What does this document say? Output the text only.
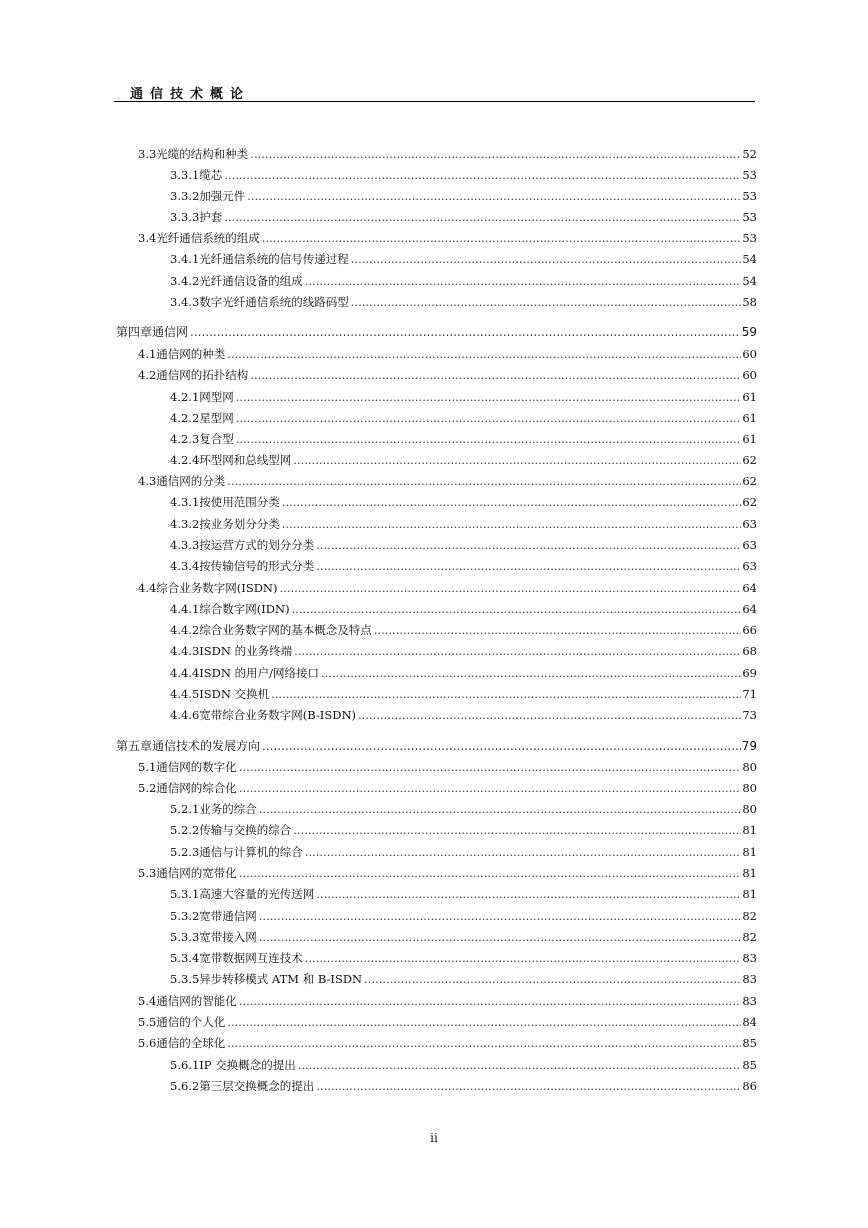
通信技术概论
3.3 光缆的结构和种类 .....	52
3.3.1 缆芯 .....	53
3.3.2 加强元件 .....	53
3.3.3 护套 .....	53
3.4 光纤通信系统的组成 .....	53
3.4.1 光纤通信系统的信号传递过程 .....	54
3.4.2 光纤通信设备的组成 .....	54
3.4.3 数字光纤通信系统的线路码型 .....	58
第四章 通信网 .....	59
4.1 通信网的种类 .....	60
4.2 通信网的拓扑结构 .....	60
4.2.1 网型网 .....	61
4.2.2 星型网 .....	61
4.2.3 复合型 .....	61
4.2.4 环型网和总线型网 .....	62
4.3 通信网的分类 .....	62
4.3.1 按使用范围分类 .....	62
4.3.2 按业务划分分类 .....	63
4.3.3 按运营方式的划分分类 .....	63
4.3.4 按传输信号的形式分类 .....	63
4.4 综合业务数字网(ISDN) .....	64
4.4.1 综合数字网(IDN) .....	64
4.4.2 综合业务数字网的基本概念及特点 .....	66
4.4.3 ISDN 的业务终端 .....	68
4.4.4 ISDN 的用户/网络接口 .....	69
4.4.5 ISDN 交换机 .....	71
4.4.6 宽带综合业务数字网(B-ISDN) .....	73
第五章 通信技术的发展方向 .....	79
5.1 通信网的数字化 .....	80
5.2 通信网的综合化 .....	80
5.2.1 业务的综合 .....	80
5.2.2 传输与交换的综合 .....	81
5.2.3 通信与计算机的综合 .....	81
5.3 通信网的宽带化 .....	81
5.3.1 高速大容量的光传送网 .....	81
5.3.2 宽带通信网 .....	82
5.3.3 宽带接入网 .....	82
5.3.4 宽带数据网互连技术 .....	83
5.3.5 异步转移模式 ATM 和 B-ISDN .....	83
5.4 通信网的智能化 .....	83
5.5 通信的个人化 .....	84
5.6 通信的全球化 .....	85
5.6.1 IP 交换概念的提出 .....	85
5.6.2 第三层交换概念的提出 .....	86
ii
